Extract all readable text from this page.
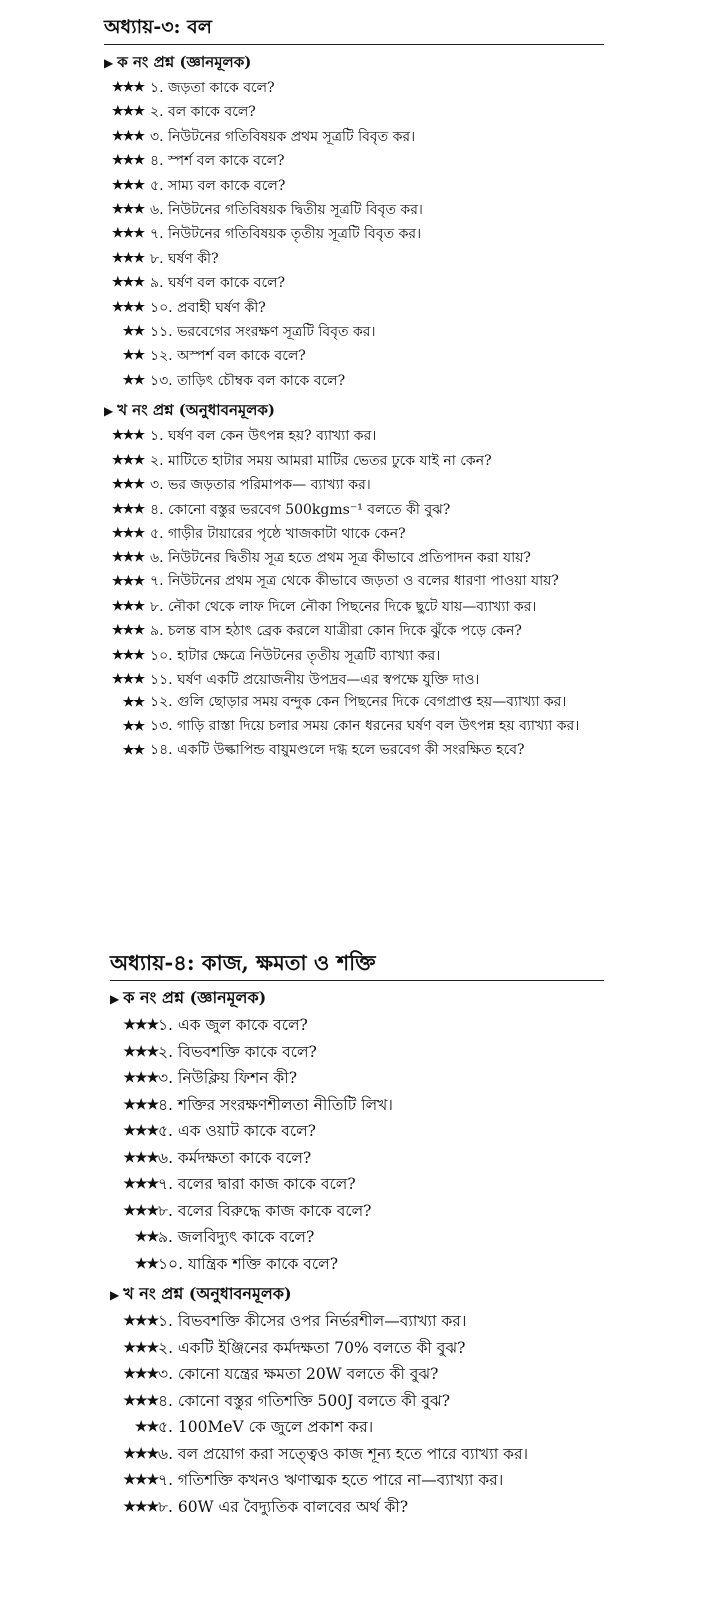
অধ্যায়-৩: বল
▶ ক নং প্রশ্ন (জ্ঞানমূলক)
★★★ ১. জড়তা কাকে বলে?
★★★ ২. বল কাকে বলে?
★★★ ৩. নিউটনের গতিবিষয়ক প্রথম সূত্রটি বিবৃত কর।
★★★ ৪. স্পর্শ বল কাকে বলে?
★★★ ৫. সাম্য বল কাকে বলে?
★★★ ৬. নিউটনের গতিবিষয়ক দ্বিতীয় সূত্রটি বিবৃত কর।
★★★ ৭. নিউটনের গতিবিষয়ক তৃতীয় সূত্রটি বিবৃত কর।
★★★ ৮. ঘর্ষণ কী?
★★★ ৯. ঘর্ষণ বল কাকে বলে?
★★★ ১০. প্রবাহী ঘর্ষণ কী?
★★ ১১. ভরবেগের সংরক্ষণ সূত্রটি বিবৃত কর।
★★ ১২. অস্পর্শ বল কাকে বলে?
★★ ১৩. তাড়িৎ চৌম্বক বল কাকে বলে?
▶ খ নং প্রশ্ন (অনুধাবনমূলক)
★★★ ১. ঘর্ষণ বল কেন উৎপন্ন হয়? ব্যাখ্যা কর।
★★★ ২. মাটিতে হাটার সময় আমরা মাটির ভেতর ঢুকে যাই না কেন?
★★★ ৩. ভর জড়তার পরিমাপক— ব্যাখ্যা কর।
★★★ ৪. কোনো বস্তুর ভরবেগ 500kgms⁻¹ বলতে কী বুঝ?
★★★ ৫. গাড়ীর টায়ারের পৃষ্ঠে খাজকাটা থাকে কেন?
★★★ ৬. নিউটনের দ্বিতীয় সূত্র হতে প্রথম সূত্র কীভাবে প্রতিপাদন করা যায়?
★★★ ৭. নিউটনের প্রথম সূত্র থেকে কীভাবে জড়তা ও বলের ধারণা পাওয়া যায়?
★★★ ৮. নৌকা থেকে লাফ দিলে নৌকা পিছনের দিকে ছুটে যায়—ব্যাখ্যা কর।
★★★ ৯. চলন্ত বাস হঠাৎ ব্রেক করলে যাত্রীরা কোন দিকে ঝুঁকে পড়ে কেন?
★★★ ১০. হাটার ক্ষেত্রে নিউটনের তৃতীয় সূত্রটি ব্যাখ্যা কর।
★★★ ১১. ঘর্ষণ একটি প্রয়োজনীয় উপদ্রব—এর স্বপক্ষে যুক্তি দাও।
★★ ১২. গুলি ছোড়ার সময় বন্দুক কেন পিছনের দিকে বেগপ্রাপ্ত হয়—ব্যাখ্যা কর।
★★ ১৩. গাড়ি রাস্তা দিয়ে চলার সময় কোন ধরনের ঘর্ষণ বল উৎপন্ন হয় ব্যাখ্যা কর।
★★ ১৪. একটি উল্কাপিন্ড বায়ুমণ্ডলে দগ্ধ হলে ভরবেগ কী সংরক্ষিত হবে?
অধ্যায়-৪: কাজ, ক্ষমতা ও শক্তি
▶ ক নং প্রশ্ন (জ্ঞানমূলক)
★★★ ১. এক জুল কাকে বলে?
★★★ ২. বিভবশক্তি কাকে বলে?
★★★ ৩. নিউক্লিয় ফিশন কী?
★★★ ৪. শক্তির সংরক্ষণশীলতা নীতিটি লিখ।
★★★ ৫. এক ওয়াট কাকে বলে?
★★★ ৬. কর্মদক্ষতা কাকে বলে?
★★★ ৭. বলের দ্বারা কাজ কাকে বলে?
★★★ ৮. বলের বিরুদ্ধে কাজ কাকে বলে?
★★ ৯. জলবিদ্যুৎ কাকে বলে?
★★ ১০. যান্ত্রিক শক্তি কাকে বলে?
▶ খ নং প্রশ্ন (অনুধাবনমূলক)
★★★ ১. বিভবশক্তি কীসের ওপর নির্ভরশীল—ব্যাখ্যা কর।
★★★ ২. একটি ইঞ্জিনের কর্মদক্ষতা 70% বলতে কী বুঝ?
★★★ ৩. কোনো যন্ত্রের ক্ষমতা 20W বলতে কী বুঝ?
★★★ ৪. কোনো বস্তুর গতিশক্তি 500J বলতে কী বুঝ?
★★ ৫. 100MeV কে জুলে প্রকাশ কর।
★★★ ৬. বল প্রয়োগ করা সত্ত্বেও কাজ শূন্য হতে পারে ব্যাখ্যা কর।
★★★ ৭. গতিশক্তি কখনও ঋণাত্মক হতে পারে না—ব্যাখ্যা কর।
★★★ ৮. 60W এর বৈদ্যুতিক বালবের অর্থ কী?
